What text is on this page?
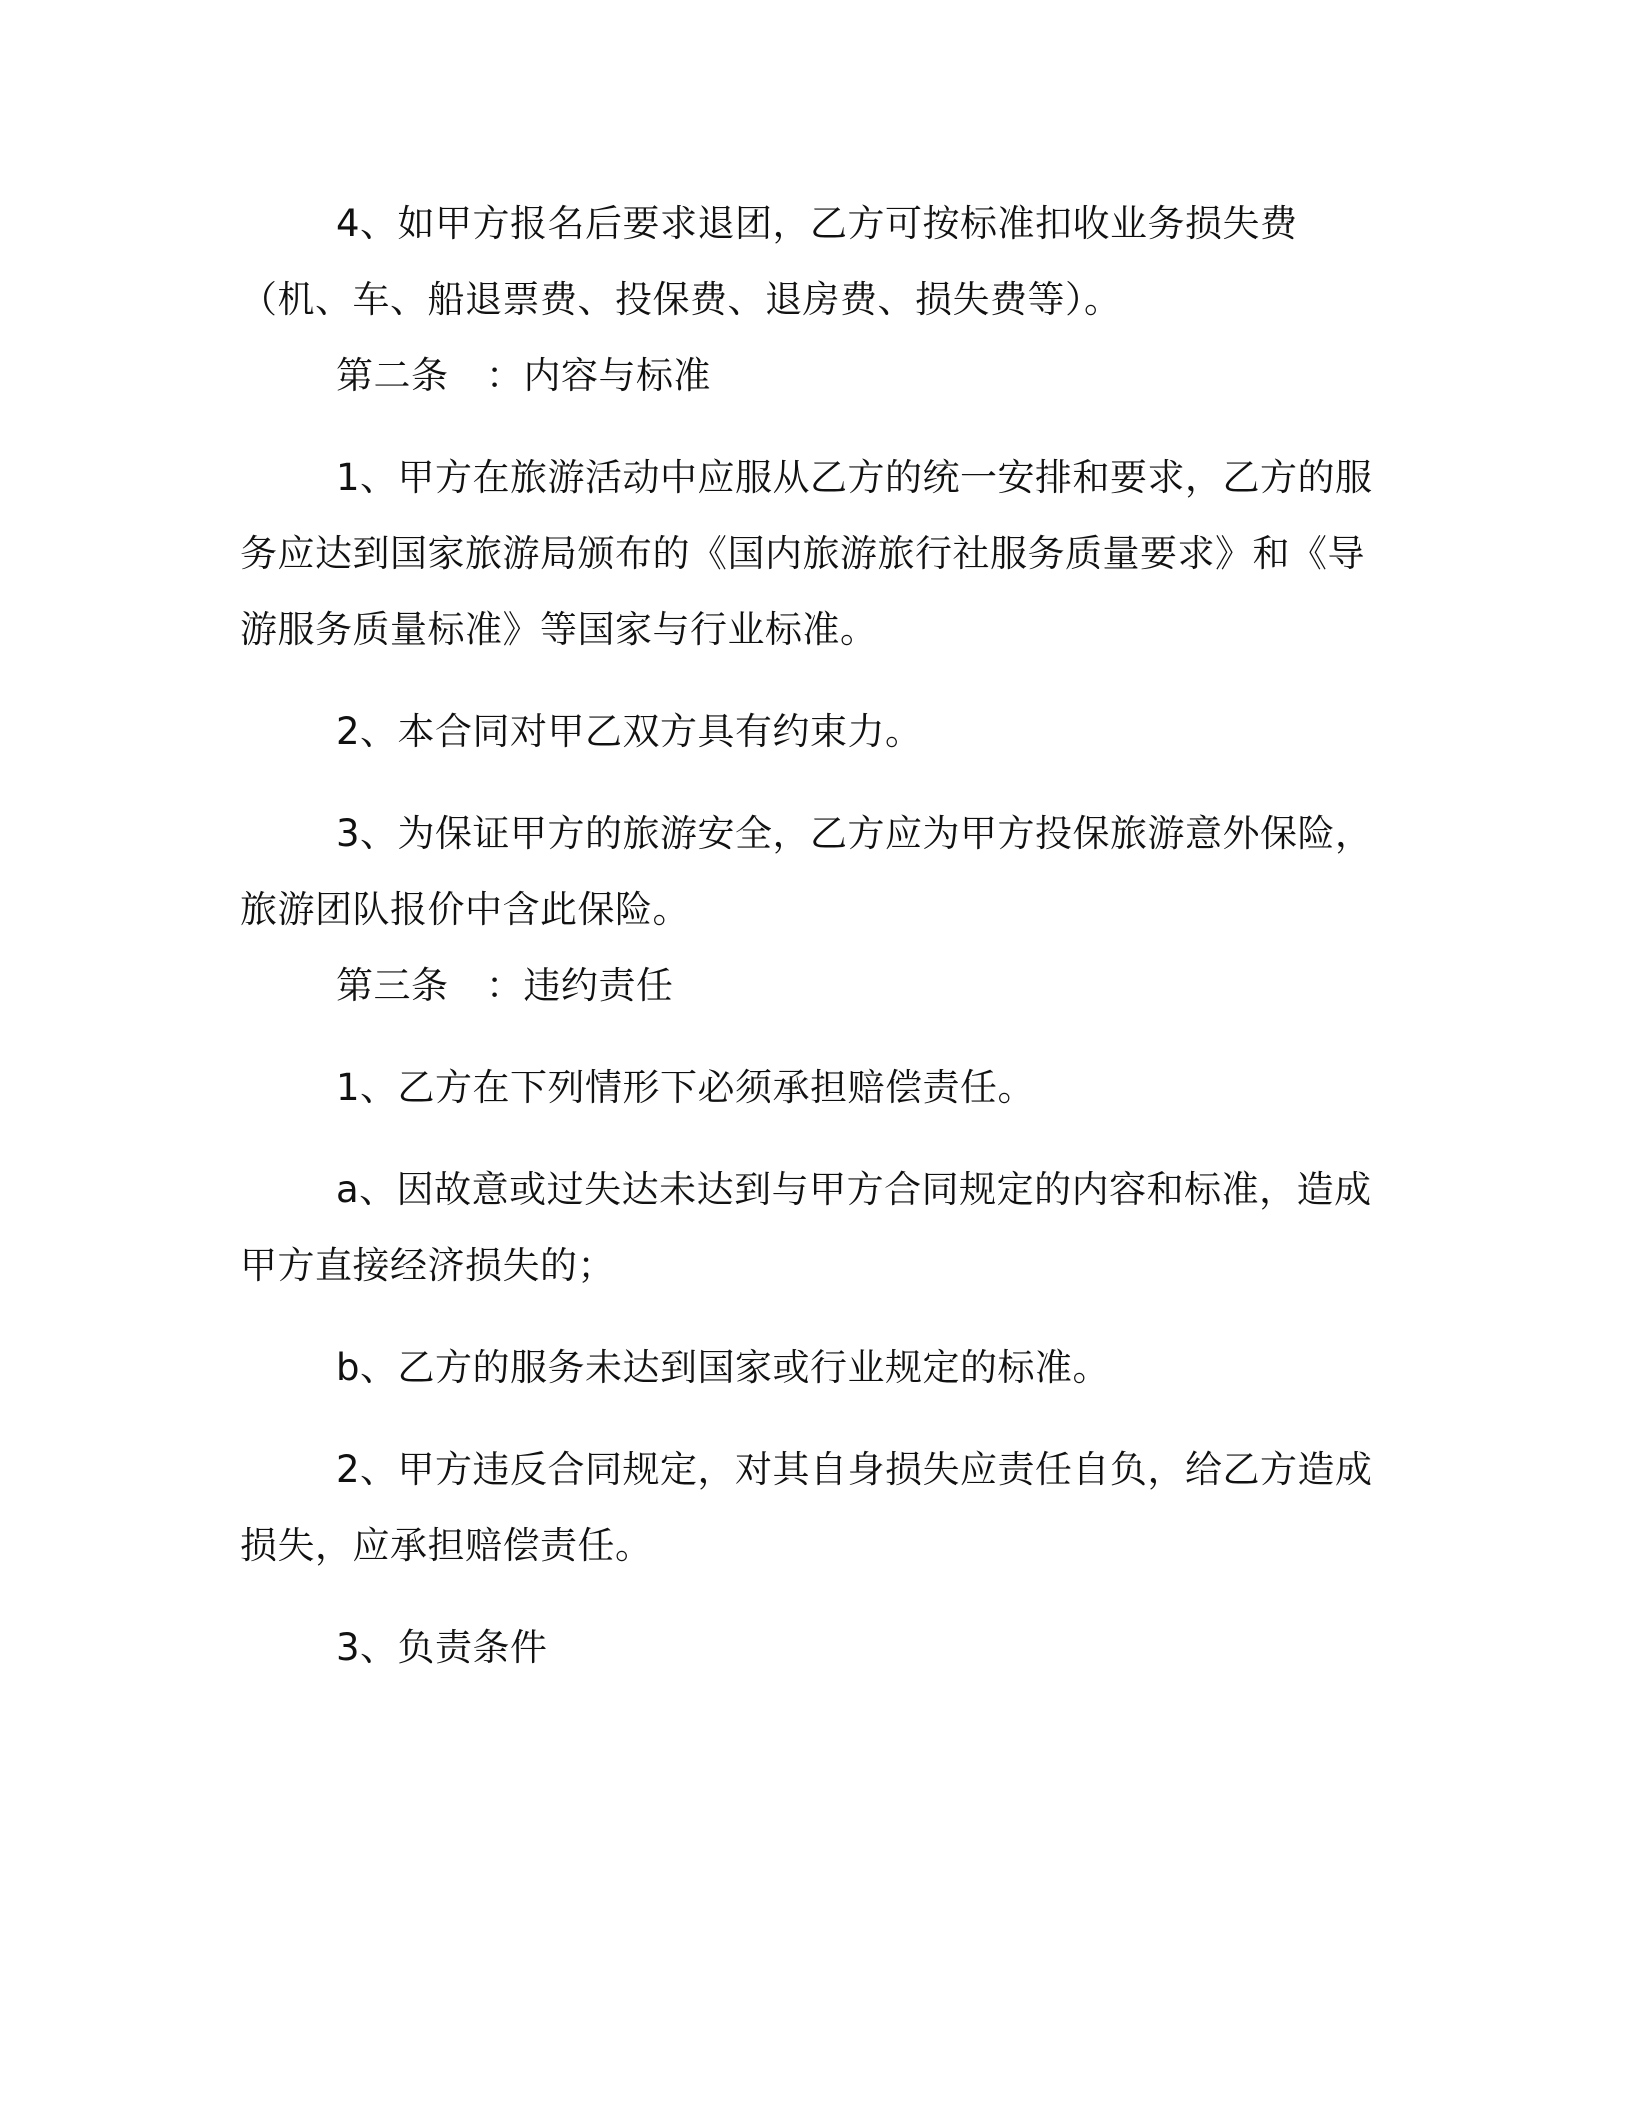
4、如甲方报名后要求退团，乙方可按标准扣收业务损失费（机、车、船退票费、投保费、退房费、损失费等）。

第二条　：内容与标准

1、甲方在旅游活动中应服从乙方的统一安排和要求，乙方的服务应达到国家旅游局颁布的《国内旅游旅行社服务质量要求》和《导游服务质量标准》等国家与行业标准。

2、本合同对甲乙双方具有约束力。

3、为保证甲方的旅游安全，乙方应为甲方投保旅游意外保险，旅游团队报价中含此保险。

第三条　：违约责任

1、乙方在下列情形下必须承担赔偿责任。

a、因故意或过失达未达到与甲方合同规定的内容和标准，造成甲方直接经济损失的；

b、乙方的服务未达到国家或行业规定的标准。

2、甲方违反合同规定，对其自身损失应责任自负，给乙方造成损失，应承担赔偿责任。

3、负责条件
